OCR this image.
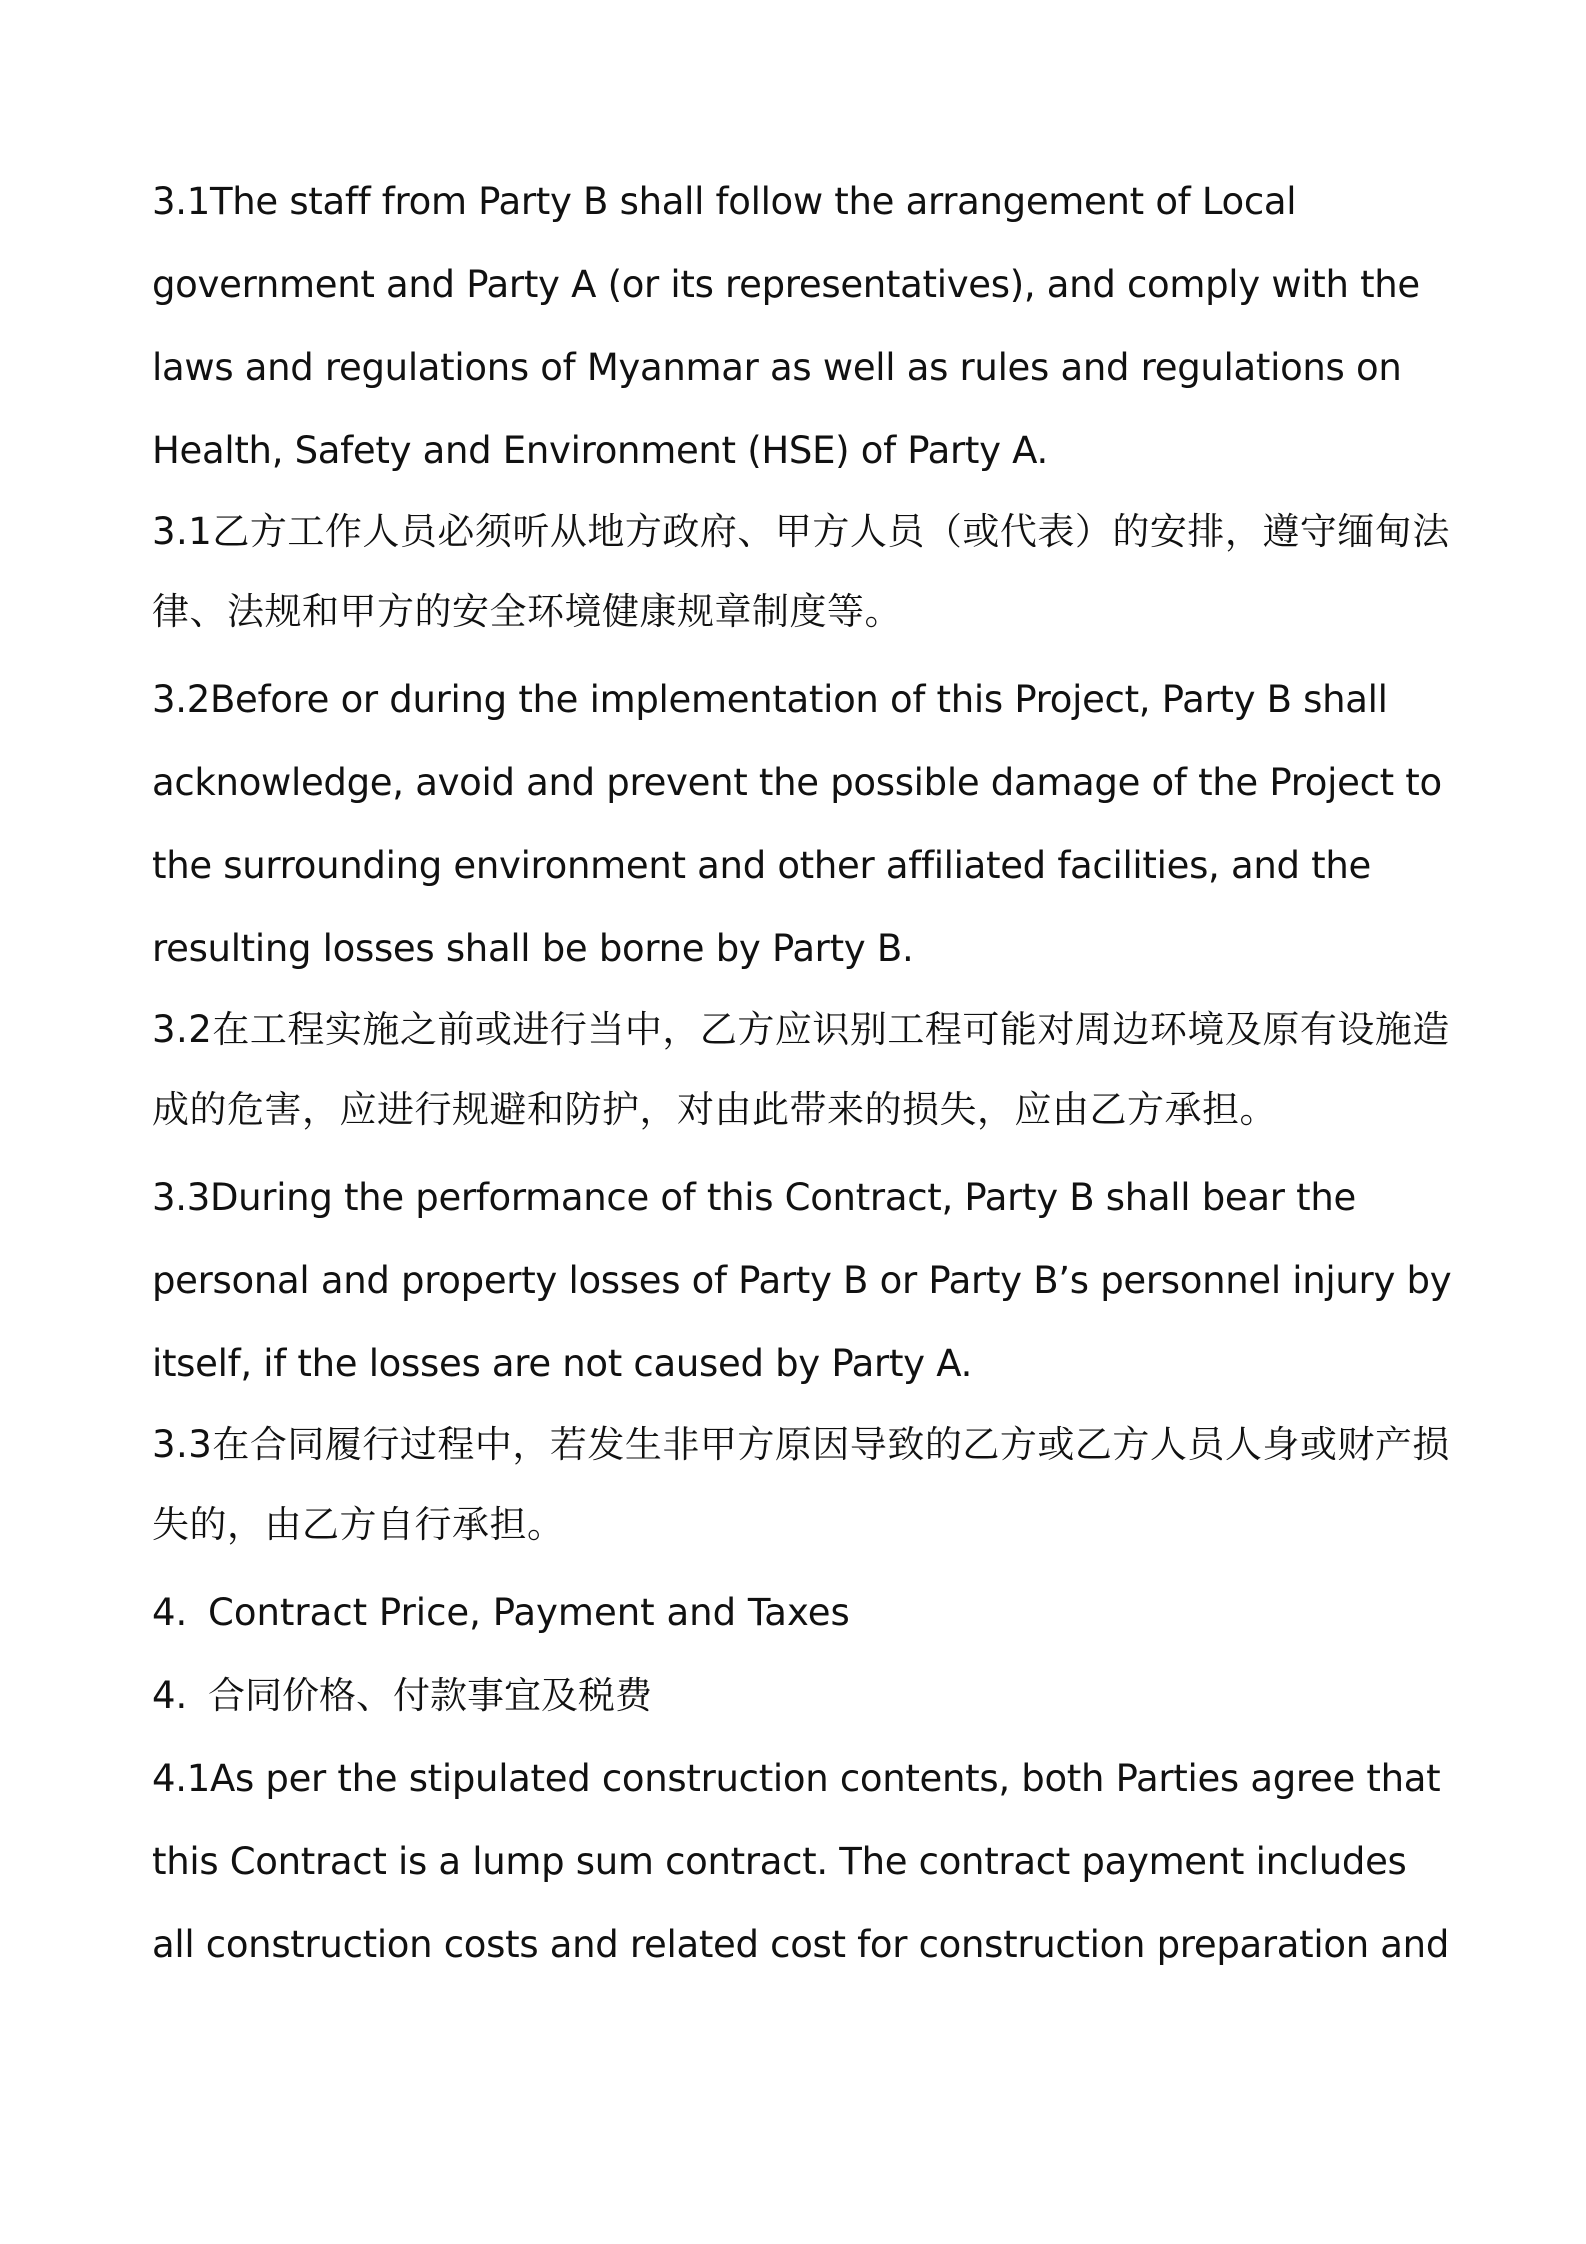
3.1The staff from Party B shall follow the arrangement of Local government and Party A (or its representatives), and comply with the laws and regulations of Myanmar as well as rules and regulations on Health, Safety and Environment (HSE) of Party A.

3.1乙方工作人员必须听从地方政府、甲方人员（或代表）的安排，遵守缅甸法律、法规和甲方的安全环境健康规章制度等。

3.2Before or during the implementation of this Project, Party B shall acknowledge, avoid and prevent the possible damage of the Project to the surrounding environment and other affiliated facilities, and the resulting losses shall be borne by Party B.

3.2在工程实施之前或进行当中，乙方应识别工程可能对周边环境及原有设施造成的危害，应进行规避和防护，对由此带来的损失，应由乙方承担。

3.3During the performance of this Contract, Party B shall bear the personal and property losses of Party B or Party B’s personnel injury by itself, if the losses are not caused by Party A.

3.3在合同履行过程中，若发生非甲方原因导致的乙方或乙方人员人身或财产损失的，由乙方自行承担。

4. Contract Price, Payment and Taxes

4. 合同价格、付款事宜及税费

4.1As per the stipulated construction contents, both Parties agree that this Contract is a lump sum contract. The contract payment includes all construction costs and related cost for construction preparation and
